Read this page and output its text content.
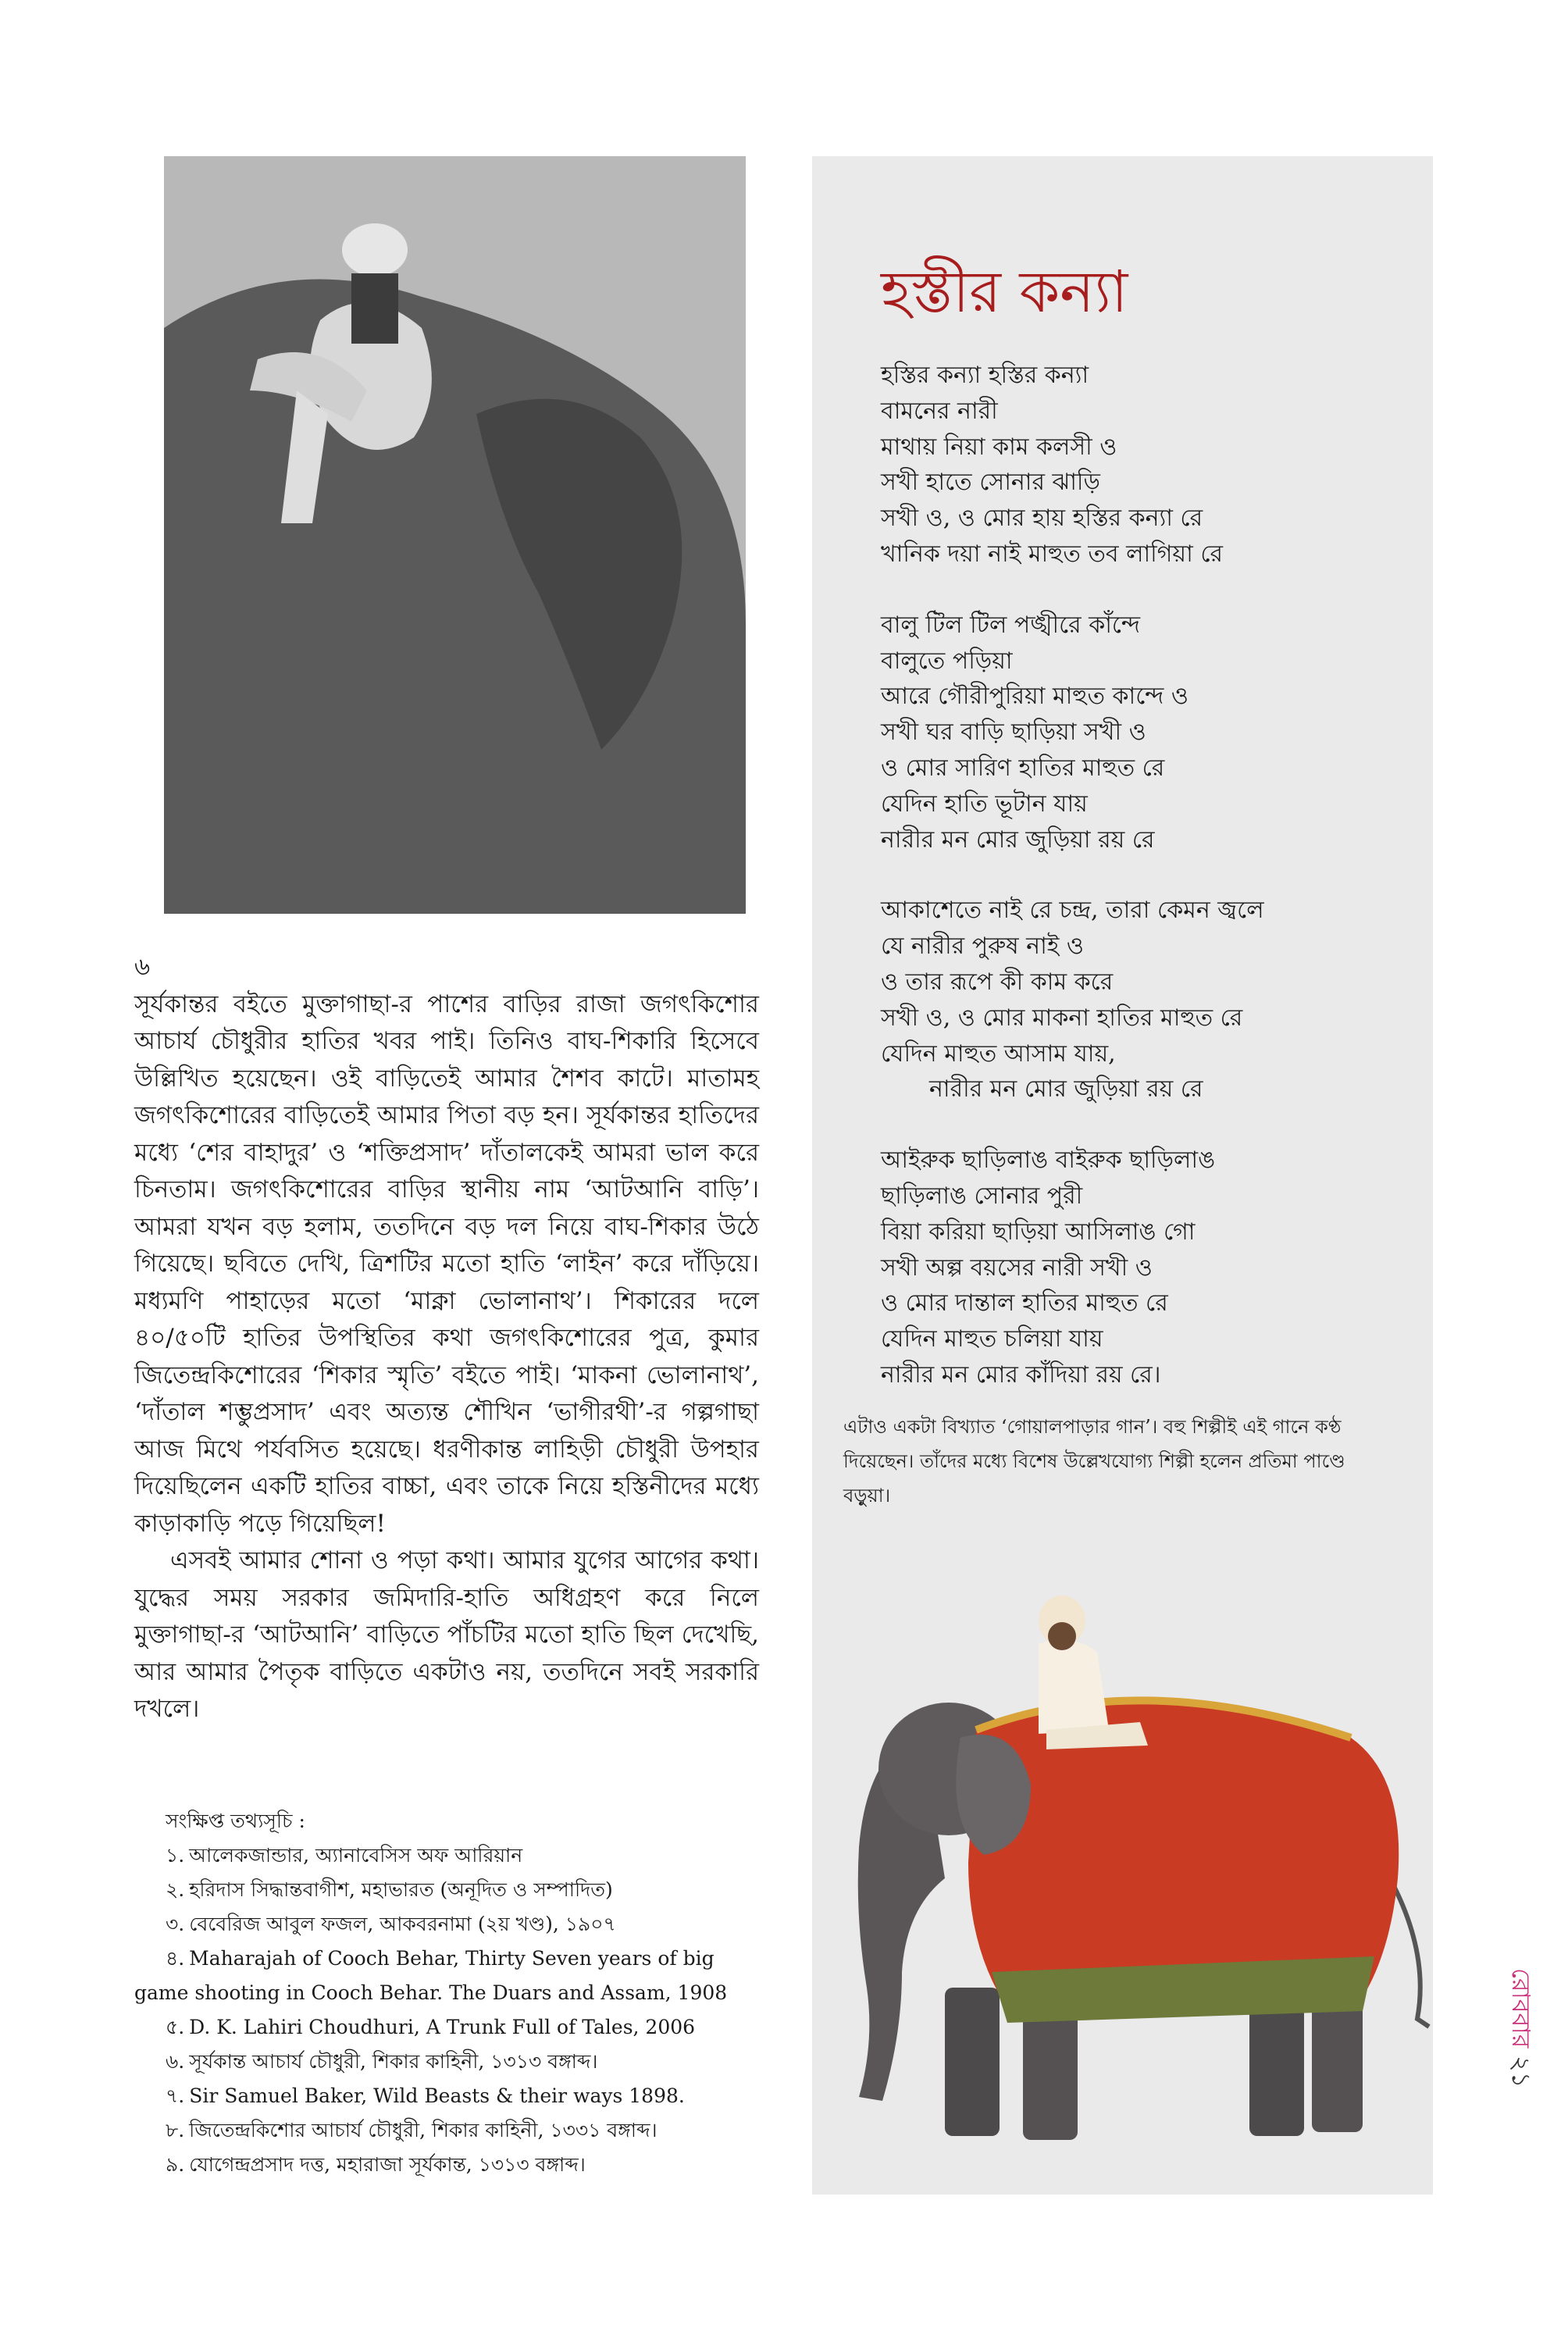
৬

সূর্যকান্তর বইতে মুক্তাগাছা-র পাশের বাড়ির রাজা জগৎকিশোর আচার্য চৌধুরীর হাতির খবর পাই। তিনিও বাঘ-শিকারি হিসেবে উল্লিখিত হয়েছেন। ওই বাড়িতেই আমার শৈশব কাটে। মাতামহ জগৎকিশোরের বাড়িতেই আমার পিতা বড় হন। সূর্যকান্তর হাতিদের মধ্যে ‘শের বাহাদুর’ ও ‘শক্তিপ্রসাদ’ দাঁতালকেই আমরা ভাল করে চিনতাম। জগৎকিশোরের বাড়ির স্থানীয় নাম ‘আটআনি বাড়ি’। আমরা যখন বড় হলাম, ততদিনে বড় দল নিয়ে বাঘ-শিকার উঠে গিয়েছে। ছবিতে দেখি, ত্রিশটির মতো হাতি ‘লাইন’ করে দাঁড়িয়ে। মধ্যমণি পাহাড়ের মতো ‘মাক্না ভোলানাথ’। শিকারের দলে ৪০/৫০টি হাতির উপস্থিতির কথা জগৎকিশোরের পুত্র, কুমার জিতেন্দ্রকিশোরের ‘শিকার স্মৃতি’ বইতে পাই। ‘মাকনা ভোলানাথ’, ‘দাঁতাল শম্ভুপ্রসাদ’ এবং অত্যন্ত শৌখিন ‘ভাগীরথী’-র গল্পগাছা আজ মিথে পর্যবসিত হয়েছে। ধরণীকান্ত লাহিড়ী চৌধুরী উপহার দিয়েছিলেন একটি হাতির বাচ্চা, এবং তাকে নিয়ে হস্তিনীদের মধ্যে কাড়াকাড়ি পড়ে গিয়েছিল!

এসবই আমার শোনা ও পড়া কথা। আমার যুগের আগের কথা। যুদ্ধের সময় সরকার জমিদারি-হাতি অধিগ্রহণ করে নিলে মুক্তাগাছা-র ‘আটআনি’ বাড়িতে পাঁচটির মতো হাতি ছিল দেখেছি, আর আমার পৈতৃক বাড়িতে একটাও নয়, ততদিনে সবই সরকারি দখলে।

সংক্ষিপ্ত তথ্যসূচি :
১. আলেকজান্ডার, অ্যানাবেসিস অফ আরিয়ান
২. হরিদাস সিদ্ধান্তবাগীশ, মহাভারত (অনূদিত ও সম্পাদিত)
৩. বেবেরিজ আবুল ফজল, আকবরনামা (২য় খণ্ড), ১৯০৭
৪. Maharajah of Cooch Behar, Thirty Seven years of big game shooting in Cooch Behar. The Duars and Assam, 1908
৫. D. K. Lahiri Choudhuri, A Trunk Full of Tales, 2006
৬. সূর্যকান্ত আচার্য চৌধুরী, শিকার কাহিনী, ১৩১৩ বঙ্গাব্দ।
৭. Sir Samuel Baker, Wild Beasts & their ways 1898.
৮. জিতেন্দ্রকিশোর আচার্য চৌধুরী, শিকার কাহিনী, ১৩৩১ বঙ্গাব্দ।
৯. যোগেন্দ্রপ্রসাদ দত্ত, মহারাজা সূর্যকান্ত, ১৩১৩ বঙ্গাব্দ।
হস্তীর কন্যা
হস্তির কন্যা হস্তির কন্যা
বামনের নারী
মাথায় নিয়া কাম কলসী ও
সখী হাতে সোনার ঝাড়ি
সখী ও, ও মোর হায় হস্তির কন্যা রে
খানিক দয়া নাই মাহুত তব লাগিয়া রে
বালু টিল টিল পঙ্খীরে কাঁন্দে
বালুতে পড়িয়া
আরে গৌরীপুরিয়া মাহুত কান্দে ও
সখী ঘর বাড়ি ছাড়িয়া সখী ও
ও মোর সারিণ হাতির মাহুত রে
যেদিন হাতি ভূটান যায়
নারীর মন মোর জুড়িয়া রয় রে
আকাশেতে নাই রে চন্দ্র, তারা কেমন জ্বলে
যে নারীর পুরুষ নাই ও
ও তার রূপে কী কাম করে
সখী ও, ও মোর মাকনা হাতির মাহুত রে
যেদিন মাহুত আসাম যায়,
নারীর মন মোর জুড়িয়া রয় রে
আইরুক ছাড়িলাঙ বাইরুক ছাড়িলাঙ
ছাড়িলাঙ সোনার পুরী
বিয়া করিয়া ছাড়িয়া আসিলাঙ গো
সখী অল্প বয়সের নারী সখী ও
ও মোর দান্তাল হাতির মাহুত রে
যেদিন মাহুত চলিয়া যায়
নারীর মন মোর কাঁদিয়া রয় রে।
এটাও একটা বিখ্যাত ‘গোয়ালপাড়ার গান’। বহু শিল্পীই এই গানে কণ্ঠ দিয়েছেন। তাঁদের মধ্যে বিশেষ উল্লেখযোগ্য শিল্পী হলেন প্রতিমা পাণ্ডে বড়ুয়া।
রোববার
২১
